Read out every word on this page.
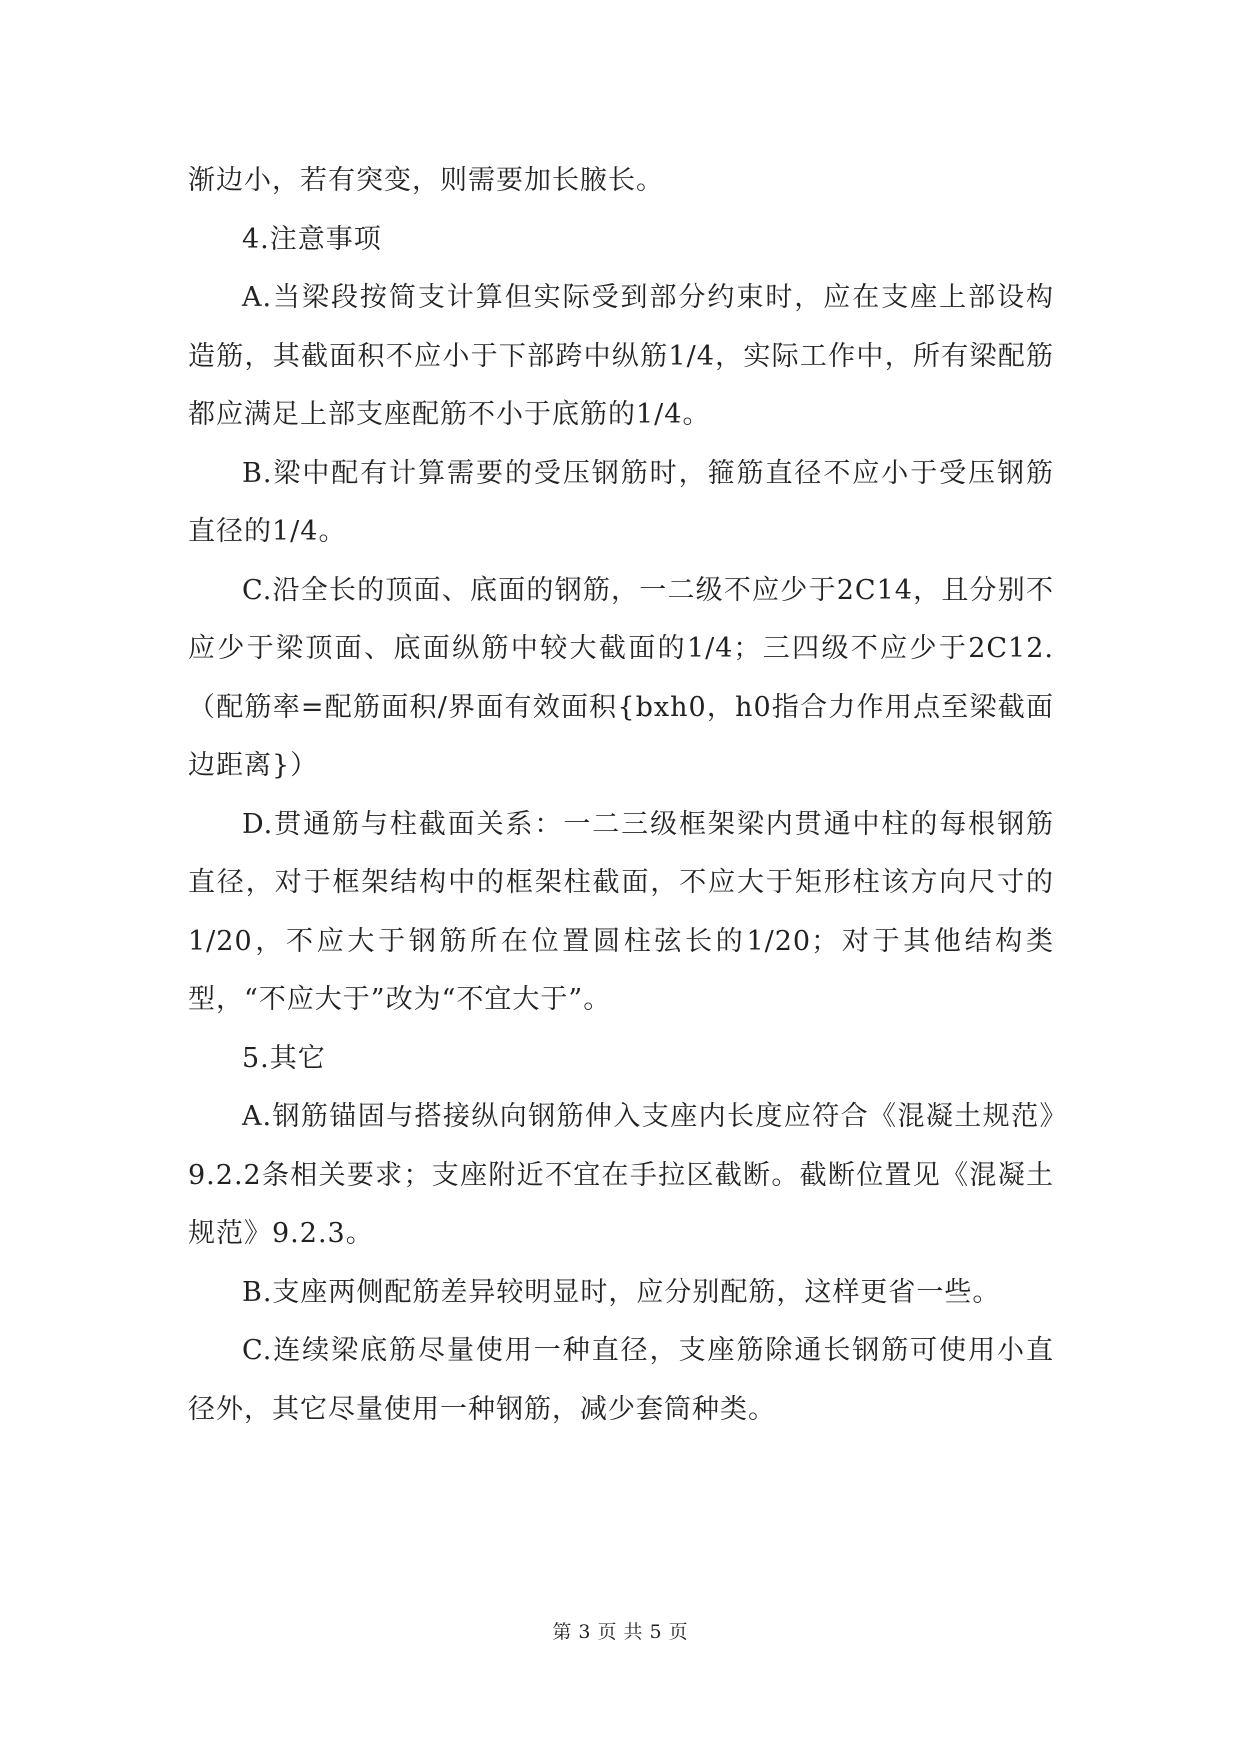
渐边小，若有突变，则需要加长腋长。

4.注意事项

A.当梁段按简支计算但实际受到部分约束时，应在支座上部设构造筋，其截面积不应小于下部跨中纵筋1/4，实际工作中，所有梁配筋都应满足上部支座配筋不小于底筋的1/4。

B.梁中配有计算需要的受压钢筋时，箍筋直径不应小于受压钢筋直径的1/4。

C.沿全长的顶面、底面的钢筋，一二级不应少于2C14，且分别不应少于梁顶面、底面纵筋中较大截面的1/4；三四级不应少于2C12.（配筋率=配筋面积/界面有效面积{bxh0，h0指合力作用点至梁截面边距离}）

D.贯通筋与柱截面关系：一二三级框架梁内贯通中柱的每根钢筋直径，对于框架结构中的框架柱截面，不应大于矩形柱该方向尺寸的1/20，不应大于钢筋所在位置圆柱弦长的1/20；对于其他结构类型，“不应大于”改为“不宜大于”。

5.其它

A.钢筋锚固与搭接纵向钢筋伸入支座内长度应符合《混凝土规范》9.2.2条相关要求；支座附近不宜在手拉区截断。截断位置见《混凝土规范》9.2.3。

B.支座两侧配筋差异较明显时，应分别配筋，这样更省一些。

C.连续梁底筋尽量使用一种直径，支座筋除通长钢筋可使用小直径外，其它尽量使用一种钢筋，减少套筒种类。

第 3 页 共 5 页
